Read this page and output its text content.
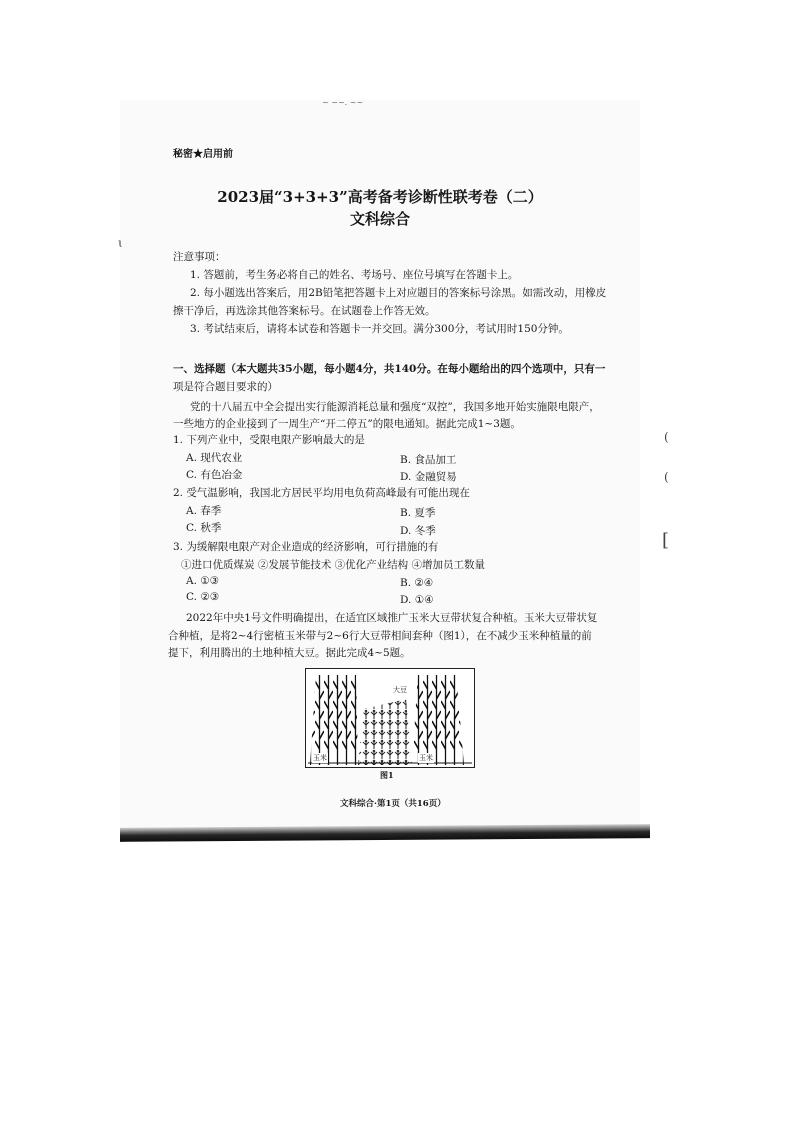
ɩ
(
(
[
~ ~~. ~~
秘密★启用前
2023届“3+3+3”高考备考诊断性联考卷（二）
文科综合
注意事项：
1. 答题前，考生务必将自己的姓名、考场号、座位号填写在答题卡上。
2. 每小题选出答案后，用2B铅笔把答题卡上对应题目的答案标号涂黑。如需改动，用橡皮
擦干净后，再选涂其他答案标号。在试题卷上作答无效。
3. 考试结束后，请将本试卷和答题卡一并交回。满分300分，考试用时150分钟。
一、选择题（本大题共35小题，每小题4分，共140分。在每小题给出的四个选项中，只有一
项是符合题目要求的）
党的十八届五中全会提出实行能源消耗总量和强度“双控”，我国多地开始实施限电限产，
一些地方的企业接到了一周生产“开二停五”的限电通知。据此完成1~3题。
1. 下列产业中，受限电限产影响最大的是
A. 现代农业	B. 食品加工
C. 有色冶金	D. 金融贸易
2. 受气温影响，我国北方居民平均用电负荷高峰最有可能出现在
A. 春季	B. 夏季
C. 秋季	D. 冬季
3. 为缓解限电限产对企业造成的经济影响，可行措施的有
①进口优质煤炭 ②发展节能技术 ③优化产业结构 ④增加员工数量
A. ①③	B. ②④
C. ②③	D. ①④
2022年中央1号文件明确提出，在适宜区域推广玉米大豆带状复合种植。玉米大豆带状复
合种植，是将2~4行密植玉米带与2~6行大豆带相间套种（图1），在不减少玉米种植量的前
提下，利用腾出的土地种植大豆。据此完成4~5题。
大豆
玉米	玉米
图1
文科综合·第1页（共16页）
